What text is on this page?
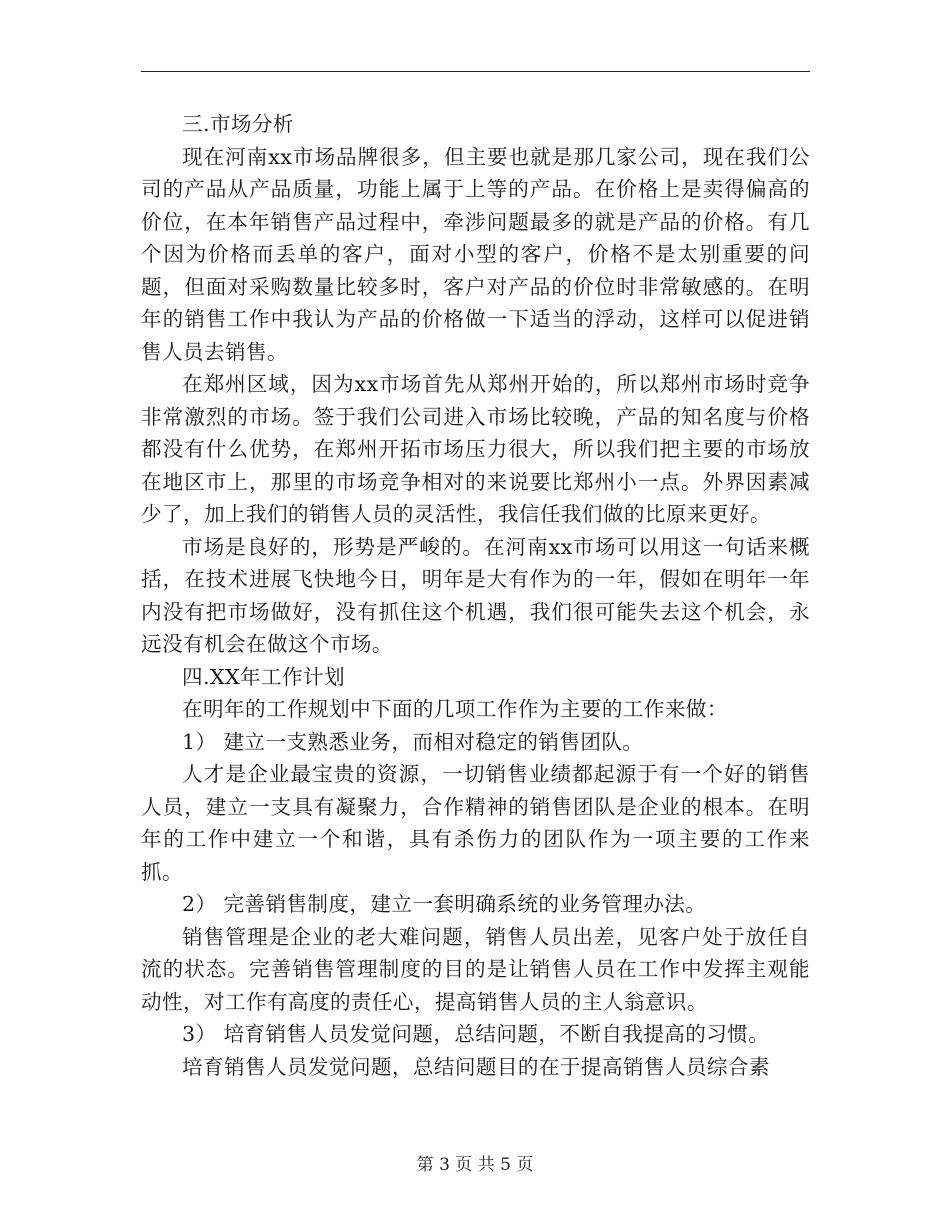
三.市场分析

现在河南xx市场品牌很多，但主要也就是那几家公司，现在我们公司的产品从产品质量，功能上属于上等的产品。在价格上是卖得偏高的价位，在本年销售产品过程中，牵涉问题最多的就是产品的价格。有几个因为价格而丢单的客户，面对小型的客户，价格不是太别重要的问题，但面对采购数量比较多时，客户对产品的价位时非常敏感的。在明年的销售工作中我认为产品的价格做一下适当的浮动，这样可以促进销售人员去销售。

在郑州区域，因为xx市场首先从郑州开始的，所以郑州市场时竞争非常激烈的市场。签于我们公司进入市场比较晚，产品的知名度与价格都没有什么优势，在郑州开拓市场压力很大，所以我们把主要的市场放在地区市上，那里的市场竞争相对的来说要比郑州小一点。外界因素减少了，加上我们的销售人员的灵活性，我信任我们做的比原来更好。

市场是良好的，形势是严峻的。在河南xx市场可以用这一句话来概括，在技术进展飞快地今日，明年是大有作为的一年，假如在明年一年内没有把市场做好，没有抓住这个机遇，我们很可能失去这个机会，永远没有机会在做这个市场。

四.XX年工作计划

在明年的工作规划中下面的几项工作作为主要的工作来做：

1） 建立一支熟悉业务，而相对稳定的销售团队。

人才是企业最宝贵的资源，一切销售业绩都起源于有一个好的销售人员，建立一支具有凝聚力，合作精神的销售团队是企业的根本。在明年的工作中建立一个和谐，具有杀伤力的团队作为一项主要的工作来抓。

2） 完善销售制度，建立一套明确系统的业务管理办法。

销售管理是企业的老大难问题，销售人员出差，见客户处于放任自流的状态。完善销售管理制度的目的是让销售人员在工作中发挥主观能动性，对工作有高度的责任心，提高销售人员的主人翁意识。

3） 培育销售人员发觉问题，总结问题，不断自我提高的习惯。

培育销售人员发觉问题，总结问题目的在于提高销售人员综合素

第 3 页 共 5 页
